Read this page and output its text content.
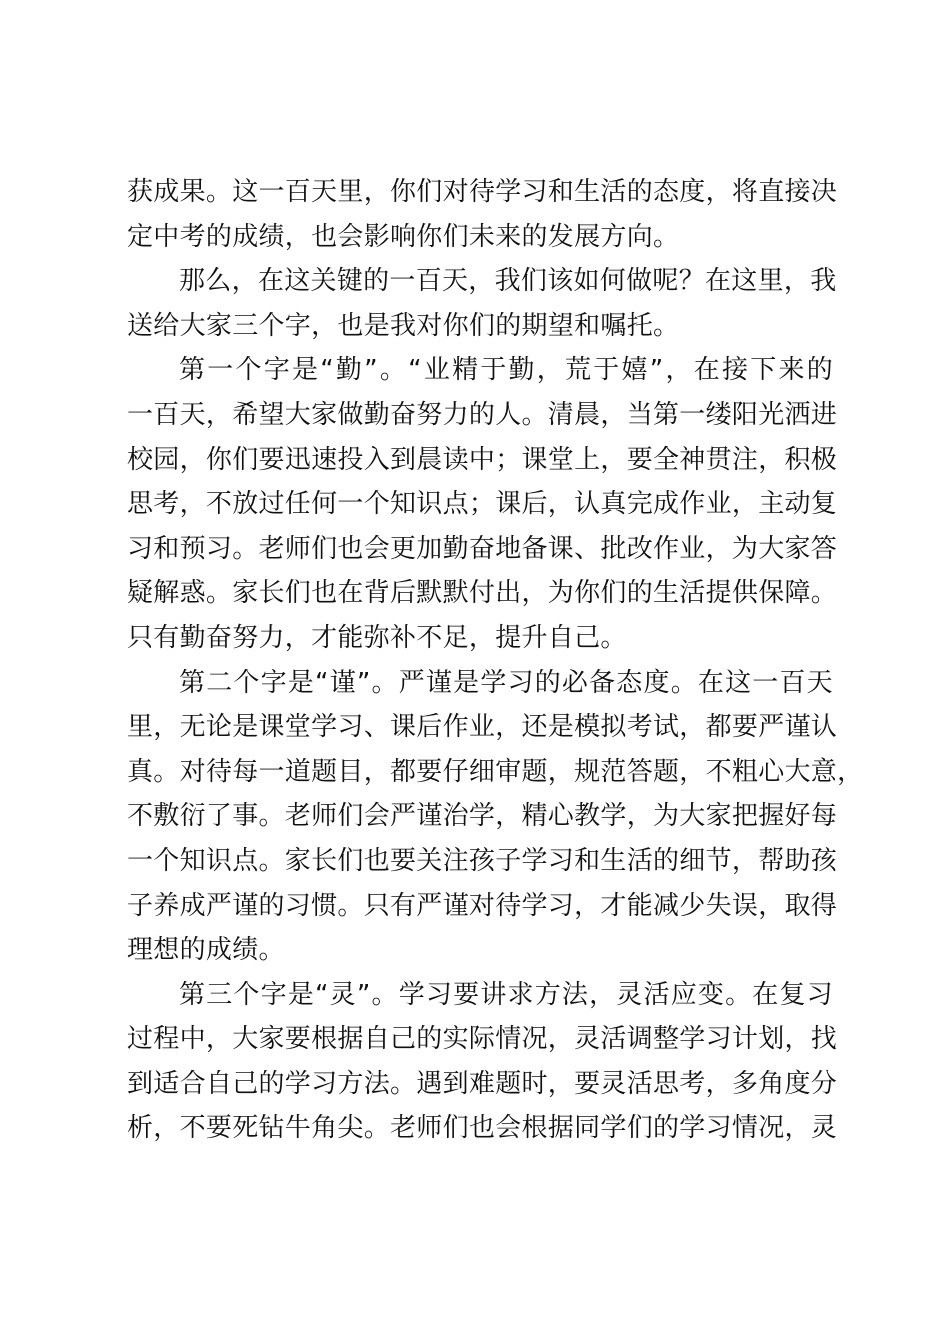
获成果。这一百天里，你们对待学习和生活的态度，将直接决
定中考的成绩，也会影响你们未来的发展方向。
那么，在这关键的一百天，我们该如何做呢？在这里，我
送给大家三个字，也是我对你们的期望和嘱托。
第一个字是“勤”。“业精于勤，荒于嬉”，在接下来的
一百天，希望大家做勤奋努力的人。清晨，当第一缕阳光洒进
校园，你们要迅速投入到晨读中；课堂上，要全神贯注，积极
思考，不放过任何一个知识点；课后，认真完成作业，主动复
习和预习。老师们也会更加勤奋地备课、批改作业，为大家答
疑解惑。家长们也在背后默默付出，为你们的生活提供保障。
只有勤奋努力，才能弥补不足，提升自己。
第二个字是“谨”。严谨是学习的必备态度。在这一百天
里，无论是课堂学习、课后作业，还是模拟考试，都要严谨认
真。对待每一道题目，都要仔细审题，规范答题，不粗心大意，
不敷衍了事。老师们会严谨治学，精心教学，为大家把握好每
一个知识点。家长们也要关注孩子学习和生活的细节，帮助孩
子养成严谨的习惯。只有严谨对待学习，才能减少失误，取得
理想的成绩。
第三个字是“灵”。学习要讲求方法，灵活应变。在复习
过程中，大家要根据自己的实际情况，灵活调整学习计划，找
到适合自己的学习方法。遇到难题时，要灵活思考，多角度分
析，不要死钻牛角尖。老师们也会根据同学们的学习情况，灵
